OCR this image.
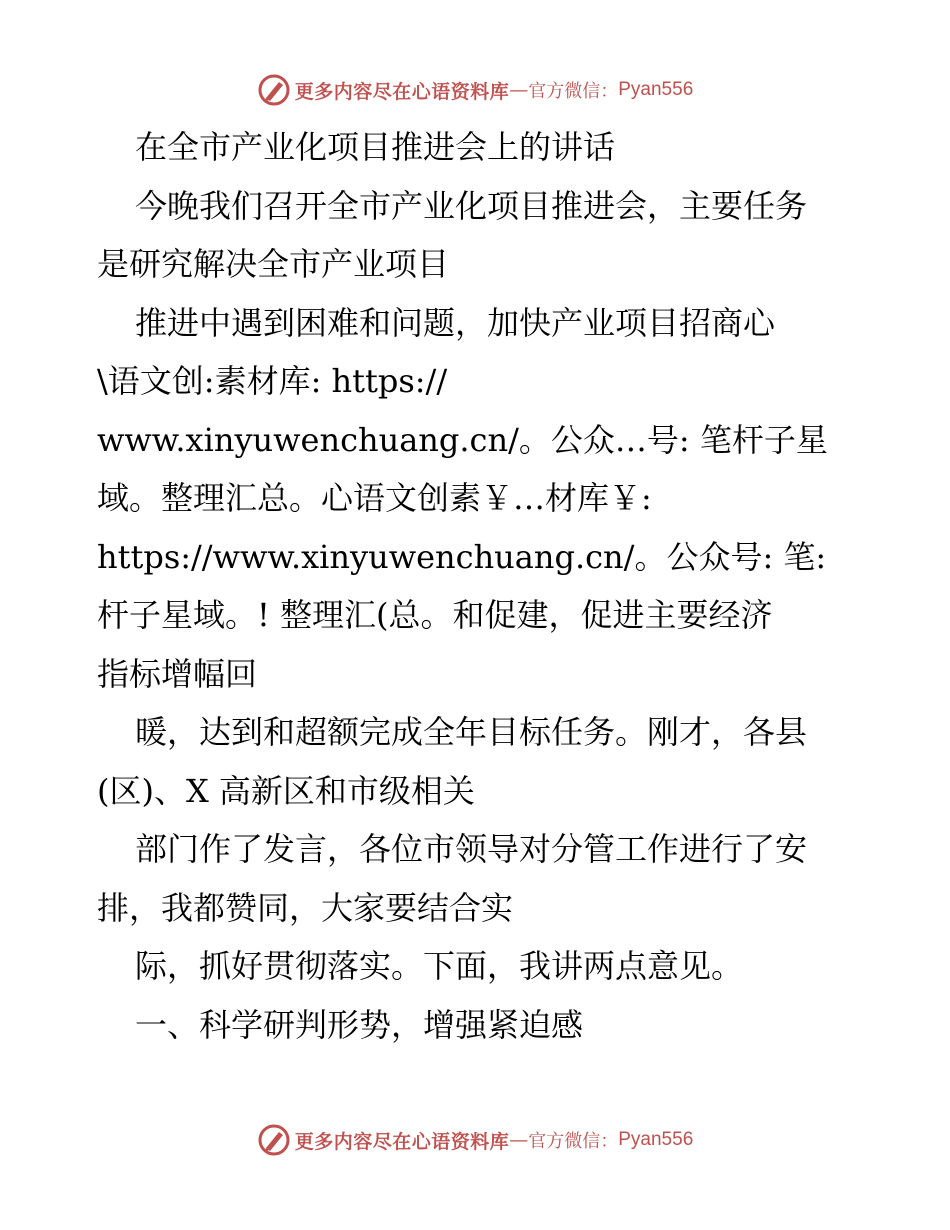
更多内容尽在心语资料库 — 官方微信： Pyan556
在全市产业化项目推进会上的讲话
今晚我们召开全市产业化项目推进会，主要任务
是研究解决全市产业项目
推进中遇到困难和问题，加快产业项目招商心
\语文创:素材库: https://
www.xinyuwenchuang.cn/。公众…号: 笔杆子星
域。整理汇总。心语文创素￥…材库￥:
https://www.xinyuwenchuang.cn/。公众号: 笔:
杆子星域。! 整理汇(总。和促建，促进主要经济
指标增幅回
暖，达到和超额完成全年目标任务。刚才，各县
(区)、X 高新区和市级相关
部门作了发言，各位市领导对分管工作进行了安
排，我都赞同，大家要结合实
际，抓好贯彻落实。下面，我讲两点意见。
一、科学研判形势，增强紧迫感
更多内容尽在心语资料库 — 官方微信： Pyan556
